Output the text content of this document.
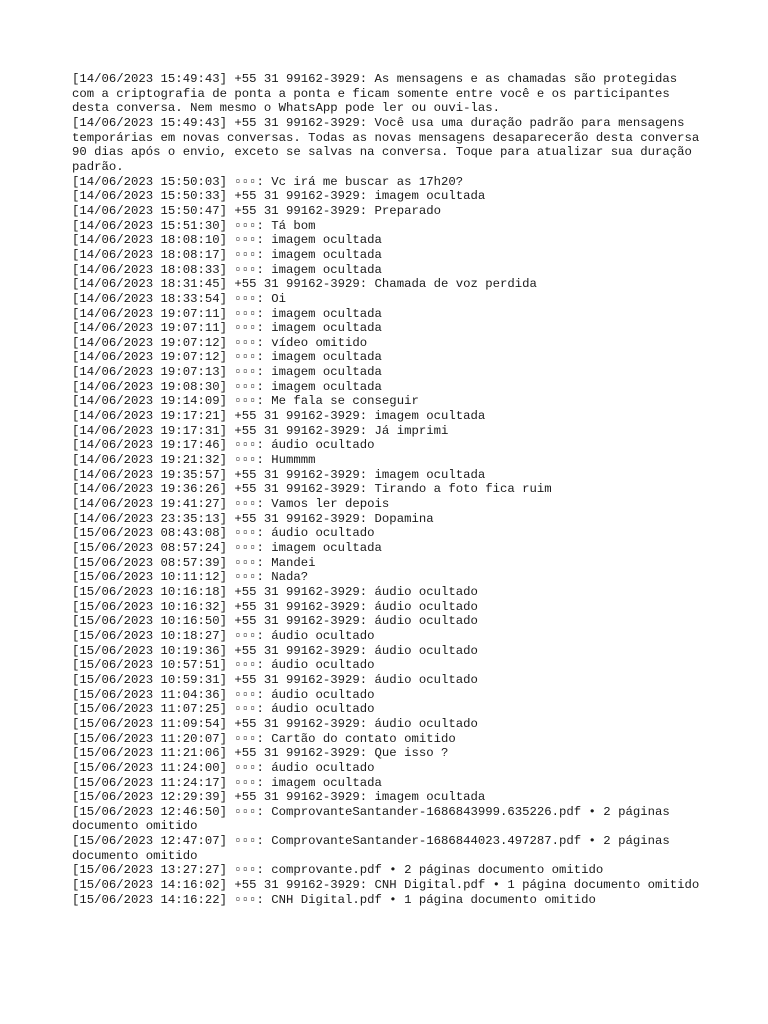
[14/06/2023 15:49:43] +55 31 99162-3929: As mensagens e as chamadas são protegidas com a criptografia de ponta a ponta e ficam somente entre você e os participantes desta conversa. Nem mesmo o WhatsApp pode ler ou ouvi-las.
[14/06/2023 15:49:43] +55 31 99162-3929: Você usa uma duração padrão para mensagens temporárias em novas conversas. Todas as novas mensagens desaparecerão desta conversa 90 dias após o envio, exceto se salvas na conversa. Toque para atualizar sua duração padrão.
[14/06/2023 15:50:03] ▫▫▫: Vc irá me buscar as 17h20?
[14/06/2023 15:50:33] +55 31 99162-3929: imagem ocultada
[14/06/2023 15:50:47] +55 31 99162-3929: Preparado
[14/06/2023 15:51:30] ▫▫▫: Tá bom
[14/06/2023 18:08:10] ▫▫▫: imagem ocultada
[14/06/2023 18:08:17] ▫▫▫: imagem ocultada
[14/06/2023 18:08:33] ▫▫▫: imagem ocultada
[14/06/2023 18:31:45] +55 31 99162-3929: Chamada de voz perdida
[14/06/2023 18:33:54] ▫▫▫: Oi
[14/06/2023 19:07:11] ▫▫▫: imagem ocultada
[14/06/2023 19:07:11] ▫▫▫: imagem ocultada
[14/06/2023 19:07:12] ▫▫▫: vídeo omitido
[14/06/2023 19:07:12] ▫▫▫: imagem ocultada
[14/06/2023 19:07:13] ▫▫▫: imagem ocultada
[14/06/2023 19:08:30] ▫▫▫: imagem ocultada
[14/06/2023 19:14:09] ▫▫▫: Me fala se conseguir
[14/06/2023 19:17:21] +55 31 99162-3929: imagem ocultada
[14/06/2023 19:17:31] +55 31 99162-3929: Já imprimi
[14/06/2023 19:17:46] ▫▫▫: áudio ocultado
[14/06/2023 19:21:32] ▫▫▫: Hummmm
[14/06/2023 19:35:57] +55 31 99162-3929: imagem ocultada
[14/06/2023 19:36:26] +55 31 99162-3929: Tirando a foto fica ruim
[14/06/2023 19:41:27] ▫▫▫: Vamos ler depois
[14/06/2023 23:35:13] +55 31 99162-3929: Dopamina
[15/06/2023 08:43:08] ▫▫▫: áudio ocultado
[15/06/2023 08:57:24] ▫▫▫: imagem ocultada
[15/06/2023 08:57:39] ▫▫▫: Mandei
[15/06/2023 10:11:12] ▫▫▫: Nada?
[15/06/2023 10:16:18] +55 31 99162-3929: áudio ocultado
[15/06/2023 10:16:32] +55 31 99162-3929: áudio ocultado
[15/06/2023 10:16:50] +55 31 99162-3929: áudio ocultado
[15/06/2023 10:18:27] ▫▫▫: áudio ocultado
[15/06/2023 10:19:36] +55 31 99162-3929: áudio ocultado
[15/06/2023 10:57:51] ▫▫▫: áudio ocultado
[15/06/2023 10:59:31] +55 31 99162-3929: áudio ocultado
[15/06/2023 11:04:36] ▫▫▫: áudio ocultado
[15/06/2023 11:07:25] ▫▫▫: áudio ocultado
[15/06/2023 11:09:54] +55 31 99162-3929: áudio ocultado
[15/06/2023 11:20:07] ▫▫▫: Cartão do contato omitido
[15/06/2023 11:21:06] +55 31 99162-3929: Que isso ?
[15/06/2023 11:24:00] ▫▫▫: áudio ocultado
[15/06/2023 11:24:17] ▫▫▫: imagem ocultada
[15/06/2023 12:29:39] +55 31 99162-3929: imagem ocultada
[15/06/2023 12:46:50] ▫▫▫: ComprovanteSantander-1686843999.635226.pdf • 2 páginas documento omitido
[15/06/2023 12:47:07] ▫▫▫: ComprovanteSantander-1686844023.497287.pdf • 2 páginas documento omitido
[15/06/2023 13:27:27] ▫▫▫: comprovante.pdf • 2 páginas documento omitido
[15/06/2023 14:16:02] +55 31 99162-3929: CNH Digital.pdf • 1 página documento omitido
[15/06/2023 14:16:22] ▫▫▫: CNH Digital.pdf • 1 página documento omitido
